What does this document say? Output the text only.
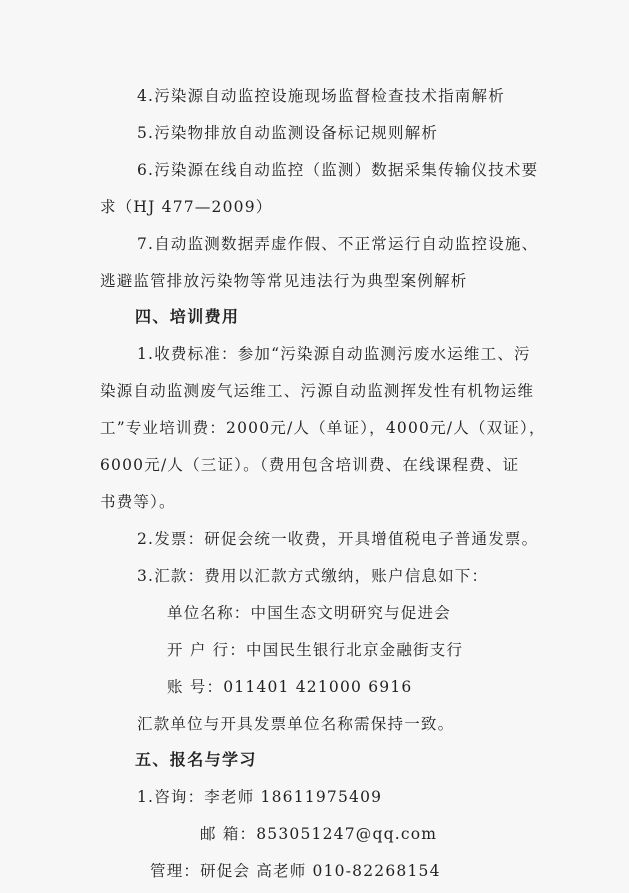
4.污染源自动监控设施现场监督检查技术指南解析
5.污染物排放自动监测设备标记规则解析
6.污染源在线自动监控（监测）数据采集传输仪技术要
求（HJ 477—2009）
7.自动监测数据弄虚作假、不正常运行自动监控设施、
逃避监管排放污染物等常见违法行为典型案例解析
四、培训费用
1.收费标准：参加“污染源自动监测污废水运维工、污
染源自动监测废气运维工、污源自动监测挥发性有机物运维
工”专业培训费：2000元/人（单证），4000元/人（双证），
6000元/人（三证）。（费用包含培训费、在线课程费、证
书费等）。
2.发票：研促会统一收费，开具增值税电子普通发票。
3.汇款：费用以汇款方式缴纳，账户信息如下：
单位名称：中国生态文明研究与促进会
开 户 行：中国民生银行北京金融街支行
账 号：011401 421000 6916
汇款单位与开具发票单位名称需保持一致。
五、报名与学习
1.咨询：李老师 18611975409
邮 箱：853051247@qq.com
管理：研促会 高老师 010-82268154
